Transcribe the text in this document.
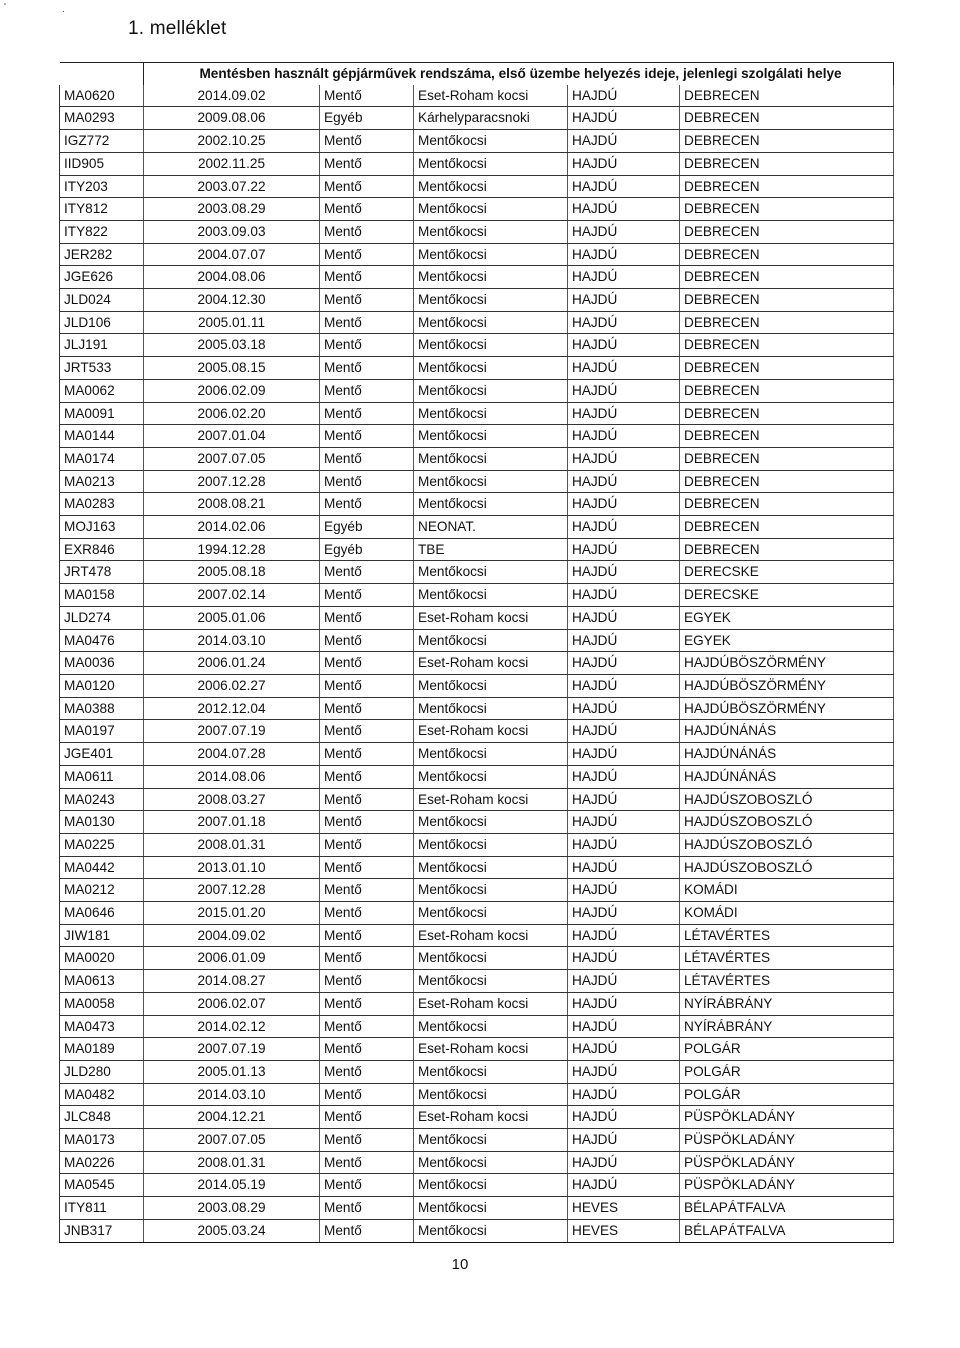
'	.
1. melléklet
	Mentésben használt gépjárművek rendszáma, első üzembe helyezés ideje, jelenlegi szolgálati helye				
MA0620	2014.09.02	Mentő	Eset-Roham kocsi	HAJDÚ	DEBRECEN
MA0293	2009.08.06	Egyéb	Kárhelyparacsnoki	HAJDÚ	DEBRECEN
IGZ772	2002.10.25	Mentő	Mentőkocsi	HAJDÚ	DEBRECEN
IID905	2002.11.25	Mentő	Mentőkocsi	HAJDÚ	DEBRECEN
ITY203	2003.07.22	Mentő	Mentőkocsi	HAJDÚ	DEBRECEN
ITY812	2003.08.29	Mentő	Mentőkocsi	HAJDÚ	DEBRECEN
ITY822	2003.09.03	Mentő	Mentőkocsi	HAJDÚ	DEBRECEN
JER282	2004.07.07	Mentő	Mentőkocsi	HAJDÚ	DEBRECEN
JGE626	2004.08.06	Mentő	Mentőkocsi	HAJDÚ	DEBRECEN
JLD024	2004.12.30	Mentő	Mentőkocsi	HAJDÚ	DEBRECEN
JLD106	2005.01.11	Mentő	Mentőkocsi	HAJDÚ	DEBRECEN
JLJ191	2005.03.18	Mentő	Mentőkocsi	HAJDÚ	DEBRECEN
JRT533	2005.08.15	Mentő	Mentőkocsi	HAJDÚ	DEBRECEN
MA0062	2006.02.09	Mentő	Mentőkocsi	HAJDÚ	DEBRECEN
MA0091	2006.02.20	Mentő	Mentőkocsi	HAJDÚ	DEBRECEN
MA0144	2007.01.04	Mentő	Mentőkocsi	HAJDÚ	DEBRECEN
MA0174	2007.07.05	Mentő	Mentőkocsi	HAJDÚ	DEBRECEN
MA0213	2007.12.28	Mentő	Mentőkocsi	HAJDÚ	DEBRECEN
MA0283	2008.08.21	Mentő	Mentőkocsi	HAJDÚ	DEBRECEN
MOJ163	2014.02.06	Egyéb	NEONAT.	HAJDÚ	DEBRECEN
EXR846	1994.12.28	Egyéb	TBE	HAJDÚ	DEBRECEN
JRT478	2005.08.18	Mentő	Mentőkocsi	HAJDÚ	DERECSKE
MA0158	2007.02.14	Mentő	Mentőkocsi	HAJDÚ	DERECSKE
JLD274	2005.01.06	Mentő	Eset-Roham kocsi	HAJDÚ	EGYEK
MA0476	2014.03.10	Mentő	Mentőkocsi	HAJDÚ	EGYEK
MA0036	2006.01.24	Mentő	Eset-Roham kocsi	HAJDÚ	HAJDÚBÖSZÖRMÉNY
MA0120	2006.02.27	Mentő	Mentőkocsi	HAJDÚ	HAJDÚBÖSZÖRMÉNY
MA0388	2012.12.04	Mentő	Mentőkocsi	HAJDÚ	HAJDÚBÖSZÖRMÉNY
MA0197	2007.07.19	Mentő	Eset-Roham kocsi	HAJDÚ	HAJDÚNÁNÁS
JGE401	2004.07.28	Mentő	Mentőkocsi	HAJDÚ	HAJDÚNÁNÁS
MA0611	2014.08.06	Mentő	Mentőkocsi	HAJDÚ	HAJDÚNÁNÁS
MA0243	2008.03.27	Mentő	Eset-Roham kocsi	HAJDÚ	HAJDÚSZOBOSZLÓ
MA0130	2007.01.18	Mentő	Mentőkocsi	HAJDÚ	HAJDÚSZOBOSZLÓ
MA0225	2008.01.31	Mentő	Mentőkocsi	HAJDÚ	HAJDÚSZOBOSZLÓ
MA0442	2013.01.10	Mentő	Mentőkocsi	HAJDÚ	HAJDÚSZOBOSZLÓ
MA0212	2007.12.28	Mentő	Mentőkocsi	HAJDÚ	KOMÁDI
MA0646	2015.01.20	Mentő	Mentőkocsi	HAJDÚ	KOMÁDI
JIW181	2004.09.02	Mentő	Eset-Roham kocsi	HAJDÚ	LÉTAVÉRTES
MA0020	2006.01.09	Mentő	Mentőkocsi	HAJDÚ	LÉTAVÉRTES
MA0613	2014.08.27	Mentő	Mentőkocsi	HAJDÚ	LÉTAVÉRTES
MA0058	2006.02.07	Mentő	Eset-Roham kocsi	HAJDÚ	NYÍRÁBRÁNY
MA0473	2014.02.12	Mentő	Mentőkocsi	HAJDÚ	NYÍRÁBRÁNY
MA0189	2007.07.19	Mentő	Eset-Roham kocsi	HAJDÚ	POLGÁR
JLD280	2005.01.13	Mentő	Mentőkocsi	HAJDÚ	POLGÁR
MA0482	2014.03.10	Mentő	Mentőkocsi	HAJDÚ	POLGÁR
JLC848	2004.12.21	Mentő	Eset-Roham kocsi	HAJDÚ	PÜSPÖKLADÁNY
MA0173	2007.07.05	Mentő	Mentőkocsi	HAJDÚ	PÜSPÖKLADÁNY
MA0226	2008.01.31	Mentő	Mentőkocsi	HAJDÚ	PÜSPÖKLADÁNY
MA0545	2014.05.19	Mentő	Mentőkocsi	HAJDÚ	PÜSPÖKLADÁNY
ITY811	2003.08.29	Mentő	Mentőkocsi	HEVES	BÉLAPÁTFALVA
JNB317	2005.03.24	Mentő	Mentőkocsi	HEVES	BÉLAPÁTFALVA
10
